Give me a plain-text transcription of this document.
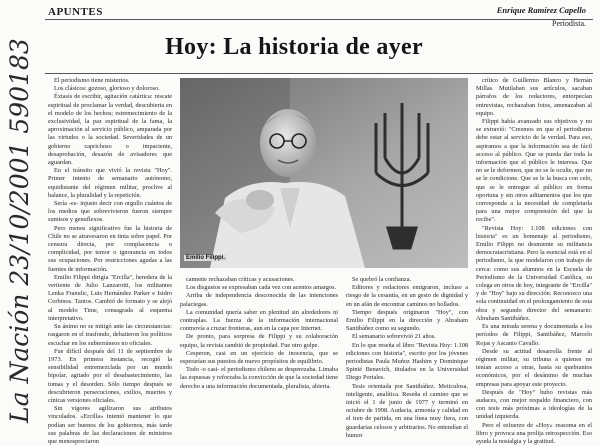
La Nación 23/10/2001 590183
APUNTES	Enrique Ramírez Capello
Periodista.
Hoy: La historia de ayer

El periodismo tiene misterios.

Los clásicos: gozoso, glorioso y doloroso.

Éxtasis de escribir, agitación catártica: rescate espiritual de proclamar la verdad, descubierta en el modelo de los hechos; estremecimiento de la exclusividad, la paz espiritual de la fama, la aproximación al servicio público, amparada por las virtudes o la sociedad. Severidades de un gobierno caprichoso o impaciente, desaprobación, desazón de avisadores que aguardan.

En el tránsito que vivió la revista "Hoy". Primer intento de semanario autónomo, equidistante del régimen militar, proclive al balance, la pluralidad y la repetición.

Sería -es- injusto decir con orgullo cuántos de los medios que sobrevivieron fueron siempre sumisos y genuflexos.

Pero menos significativo fue la historia de Chile no se atravesaron en tinta sobre papel. Por censura directa, por complacencia o complicidad, por temor o ignorancia en todos sus ocupaciones. Por restricciones agudas a las fuentes de información.

Emilio Filippi dirigía "Ercilla", heredera de la vertiente de Julio Lanzarotti, los militantes Lenka Franulic, Luis Hernández Parker e Isidro Corbinos. Tantos. Cambió de formato y se alejó al modelo Time, consagrada al esquema interpretativo.

Su ánimo no se mitigó ante las circunstancias: rasgaron en el trasfondo, debatieron los políticos escuchar en los subterráneos no oficiales.

Fue difícil después del 11 de septiembre de 1973. En primera instancia, recogió la sensibilidad entremezclada por un mundo bipolar, agitado por el desabastecimiento, las tomas y el desorden. Sólo tiempo después se descubrieron persecuciones, exilios, muertes y cínicas versiones oficiales.

Sin vigores agilizaron sus atributos vinculados. «Ercilla» intentó mantener lo que podían ser buenos de los gobiernos, más tarde sus palabras de las declaraciones de ministros que menospreciaron

Emilio Filippi.

camente rechazaban críticas y acusaciones.

Los disgustos se expresaban cada vez con acentos amargos.

Arriba de independencia desconocida de las intenciones palaciegas.

La comunidad quería saber en plenitud sin alrededores ni contraplas. La fuerza de la información internacional conmovía a cruzar fronteras, aun en la capa por Internet.

De pronto, para sorpresa de Filippi y su colaboración equipo, la revista cambió de propiedad. Fue otro golpe.

Cesperon, casi en un ejercicio de inocencia, que se esperarían sus puestos de nuevo propósitos de equilibrio.

Todo -o casi- el periodismo chileno se desperezaba. Limaba las espuesas y reforzaba la convicción de que la sociedad tiene derecho a una información documentada, pluralista, abierta.

Se quebró la confianza.

Editores y redactores emigraron, incluso a riesgo de la cesantía, en un gesto de dignidad y en un afán de encontrar caminos no hollados.

Tiempo después originaron "Hoy", con Emilio Filippi en la dirección y Abraham Santibáñez como su segundo.

El semanario sobrevivió 21 años.

En lo que reseña el libro "Revista Hoy: 1.108 ediciones con historia", escrito por los jóvenes periodistas Paula Muñoz Hashim y Dominique Spinié Benavich, titulados en la Universidad Diego Portales.

Tesis orientada por Santibáñez. Meticulosa, inteligente, analítica. Reseña el camino que se inició el 1 de junio de 1977 y terminó en octubre de 1998. Audacia, armonía y calidad en el tren de partida, en una línea muy fiera, con guardarias celosos y arbitrarios. No entendían el humor

crítico de Guillermo Blanco y Hernán Millas. Mutilaban sus artículos, sacaban párrafos de los redactores, entorpecían entrevistas, rechazaban fotos, amenazaban al equipo.

Filippi había avanzado sus objetivos y no se extravió: "Creemos en que el periodismo debe estar al servicio de la verdad. Para eso, aspiramos a que la información sea de fácil acceso al público. Que se pueda dar toda la información que el público le interesa. Que no se le deformen, que no se le oculte, que no se le condicione. Que se le la busca con celo, que se le entregue al público en forma oportuna y sin otros aditamentos que los que corresponda a la necesidad de completarla para una mejor comprensión del que la recibe".

"Revista Hoy: 1.108 ediciones con historia" es un homenaje al periodismo, Emilio Filippi no desmiente su militancia democratacristiana. Pero la esencial está en el periodismo, la que modelaron con trabajo de cerca: como sus alumnos en la Escuela de Periodismo de la Universidad Católica, su colega en otros de hoy, integrante de "Ercilla" y de "Hoy" bajo su dirección. Reconozco una sola continuidad en el prolongamiento de esta obra y segundo director del semanario: Abraham Santibáñez.

Es una mirada serena y documentada a los períodos de Filippi, Santibáñez, Marcelo Rojas y Ascanio Cavallo.

Desde su actitud desarrolla frente al régimen militar, su tribuna a quienes no tenían acceso a otras, hasta su quebrantos económicos, por el desánimo de muchas empresas para apoyar este proyecto.

Después de "Hoy" hubo revistas más audaces, con mejor respaldo financiero, con con tesis más próximas a ideologías de la unidad izquierda.

Pero el esfuerzo de «Hoy» reasoma en el libro y provoca una prolija retrospección. Eso ayuda la nostalgia y la gratitud.
